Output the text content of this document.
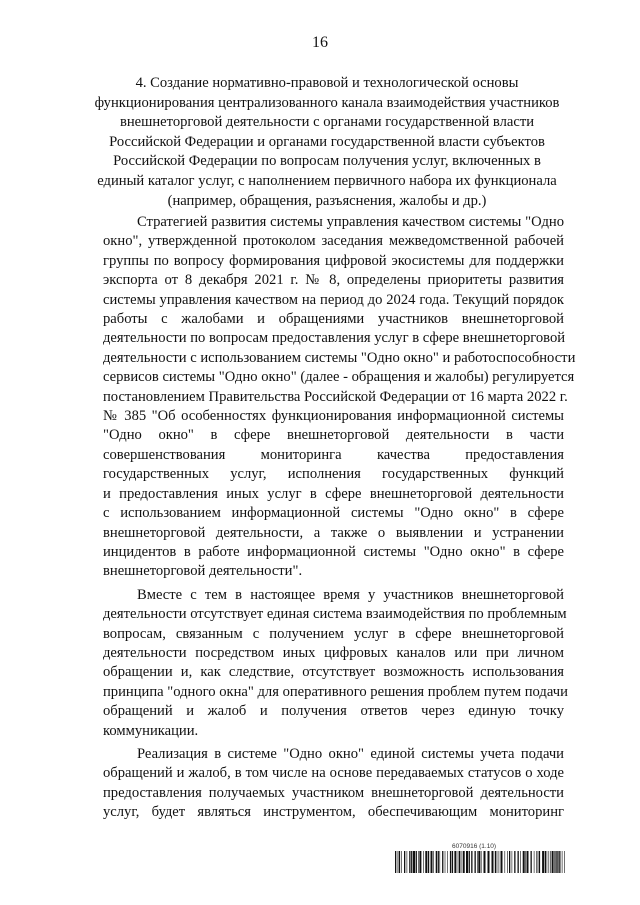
16
4. Создание нормативно-правовой и технологической основы
функционирования централизованного канала взаимодействия участников
внешнеторговой деятельности с органами государственной власти
Российской Федерации и органами государственной власти субъектов
Российской Федерации по вопросам получения услуг, включенных в
единый каталог услуг, с наполнением первичного набора их функционала
(например, обращения, разъяснения, жалобы и др.)
Стратегией развития системы управления качеством системы "Одно
окно", утвержденной протоколом заседания межведомственной рабочей
группы по вопросу формирования цифровой экосистемы для поддержки
экспорта от 8 декабря 2021 г. № 8, определены приоритеты развития
системы управления качеством на период до 2024 года. Текущий порядок
работы с жалобами и обращениями участников внешнеторговой
деятельности по вопросам предоставления услуг в сфере внешнеторговой
деятельности с использованием системы "Одно окно" и работоспособности
сервисов системы "Одно окно" (далее - обращения и жалобы) регулируется
постановлением Правительства Российской Федерации от 16 марта 2022 г.
№ 385 "Об особенностях функционирования информационной системы
"Одно окно" в сфере внешнеторговой деятельности в части
совершенствования мониторинга качества предоставления
государственных услуг, исполнения государственных функций
и предоставления иных услуг в сфере внешнеторговой деятельности
с использованием информационной системы "Одно окно" в сфере
внешнеторговой деятельности, а также о выявлении и устранении
инцидентов в работе информационной системы "Одно окно" в сфере
внешнеторговой деятельности".
Вместе с тем в настоящее время у участников внешнеторговой
деятельности отсутствует единая система взаимодействия по проблемным
вопросам, связанным с получением услуг в сфере внешнеторговой
деятельности посредством иных цифровых каналов или при личном
обращении и, как следствие, отсутствует возможность использования
принципа "одного окна" для оперативного решения проблем путем подачи
обращений и жалоб и получения ответов через единую точку
коммуникации.
Реализация в системе "Одно окно" единой системы учета подачи
обращений и жалоб, в том числе на основе передаваемых статусов о ходе
предоставления получаемых участником внешнеторговой деятельности
услуг, будет являться инструментом, обеспечивающим мониторинг
6070916 (1.10)
